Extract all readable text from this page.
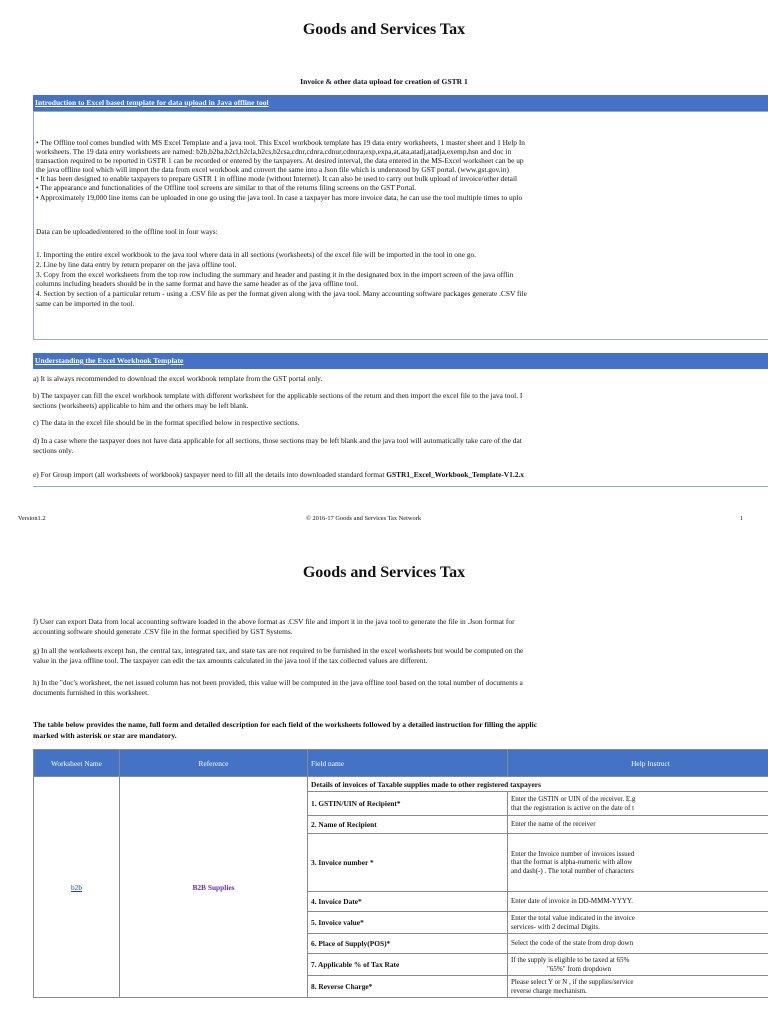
Goods and Services Tax
Invoice & other data upload for creation of GSTR 1
Introduction to Excel based template for data upload in Java offline tool
• The Offline tool comes bundled with MS Excel Template and a java tool. This Excel workbook template has 19 data entry worksheets, 1 master sheet and 1 Help In
worksheets. The 19 data entry worksheets are named: b2b,b2ba,b2cl,b2cla,b2cs,b2csa,cdnr,cdnra,cdnur,cdnura,exp,expa,at,ata,atadj,atadja,exemp,hsn and doc in
transaction required to be reported in GSTR 1 can be recorded or entered by the taxpayers. At desired interval, the data entered in the MS-Excel worksheet can be up
the java offline tool which will import the data from excel workbook and convert the same into a Json file which is understood by GST portal. (www.gst.gov.in)
• It has been designed to enable taxpayers to prepare GSTR 1 in offline mode (without Internet). It can also be used to carry out bulk upload of invoice/other detail
• The appearance and functionalities of the Offline tool screens are similar to that of the returns filing screens on the GST Portal.
• Approximately 19,000 line items can be uploaded in one go using the java tool. In case a taxpayer has more invoice data, he can use the tool multiple times to uplo
Data can be uploaded/entered to the offline tool in four ways:
1. Importing the entire excel workbook to the java tool where data in all sections (worksheets) of the excel file will be imported in the tool in one go.
2. Line by line data entry by return preparer on the java offline tool.
3. Copy from the excel worksheets from the top row including the summary and header and pasting it in the designated box in the import screen of the java offlin
columns including headers should be in the same format and have the same header as of the java offline tool.
4. Section by section of a particular return - using a .CSV file as per the format given along with the java tool. Many accounting software packages generate .CSV file
same can be imported in the tool.
Understanding the Excel Workbook Template
a) It is always recommended to download the excel workbook template from the GST portal only.
b) The taxpayer can fill the excel workbook template with different worksheet for the applicable sections of the return and then import the excel file to the java tool. I
sections (worksheets) applicable to him and the others may be left blank.
c) The data in the excel file should be in the format specified below in respective sections.
d) In a case where the taxpayer does not have data applicable for all sections, those sections may be left blank and the java tool will automatically take care of the dat
sections only.
e) For Group import (all worksheets of workbook) taxpayer need to fill all the details into downloaded standard format GSTR1_Excel_Workbook_Template-V1.2.x
Version1.2	© 2016-17 Goods and Services Tax Network	1
Goods and Services Tax
f) User can export Data from local accounting software loaded in the above format as .CSV file and import it in the java tool to generate the file in .Json format for
accounting software should generate .CSV file in the format specified by GST Systems.
g) In all the worksheets except hsn, the central tax, integrated tax, and state tax are not required to be furnished in the excel worksheets but would be computed on the
value in the java offline tool. The taxpayer can edit the tax amounts calculated in the java tool if the tax collected values are different.
h) In the "doc's worksheet, the net issued column has not been provided, this value will be computed in the java offline tool based on the total number of documents a
documents furnished in this worksheet.
The table below provides the name, full form and detailed description for each field of the worksheets followed by a detailed instruction for filling the applic
marked with asterisk or star are mandatory.
Worksheet Name	Reference	Field name	Help Instruct
b2b	B2B Supplies	Details of invoices of Taxable supplies made to other registered taxpayers	
		1. GSTIN/UIN of Recipient*	Enter the GSTIN or UIN of the receiver. E.g
that the registration is active on the date of t

		2. Name of Recipient	Enter the name of the receiver

		3. Invoice number *	Enter the Invoice number of invoices issued
that the format is alpha-numeric with allow
and dash(-) . The total number of characters

		4. Invoice Date*	Enter date of invoice in DD-MMM-YYYY.

		5. Invoice value*	Enter the total value indicated in the invoice
services- with 2 decimal Digits.

		6. Place of Supply(POS)*	Select the code of the state from drop down

		7. Applicable % of Tax Rate	If the supply is eligible to be taxed at 65%
"65%" from dropdown

		8. Reverse Charge*	Please select Y or N , if the supplies/service
reverse charge mechanism.
